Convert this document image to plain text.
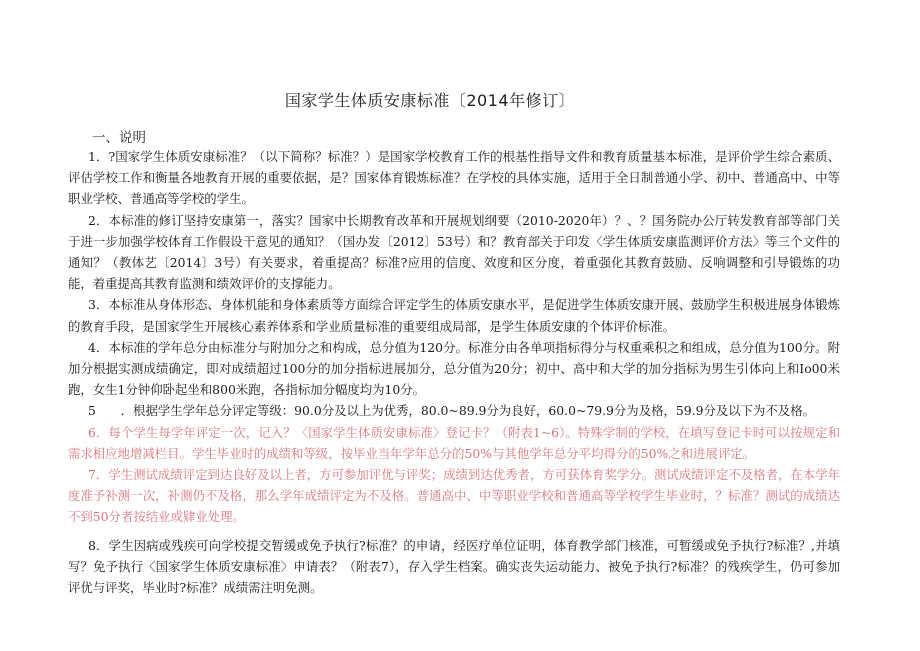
国家学生体质安康标准〔2014年修订〕
一、说明

1．?国家学生体质安康标准？（以下简称？标准？）是国家学校教育工作的根基性指导文件和教育质量基本标准，是评价学生综合素质、评估学校工作和衡量各地教育开展的重要依据，是？国家体育锻炼标准？在学校的具体实施，适用于全日制普通小学、初中、普通高中、中等职业学校、普通高等学校的学生。

2．本标准的修订坚持安康第一，落实？国家中长期教育改革和开展规划纲要（2010-2020年）？、？国务院办公厅转发教育部等部门关于进一步加强学校体育工作假设干意见的通知？（国办发〔2012〕53号）和？教育部关于印发〈学生体质安康监测评价方法〉等三个文件的通知？（教体艺〔2014〕3号）有关要求，着重提高？标准?应用的信度、效度和区分度，着重强化其教育鼓励、反响调整和引导锻炼的功能，着重提高其教育监测和绩效评价的支撑能力。

3．本标准从身体形态、身体机能和身体素质等方面综合评定学生的体质安康水平，是促进学生体质安康开展、鼓励学生积极进展身体锻炼的教育手段，是国家学生开展核心素养体系和学业质量标准的重要组成局部，是学生体质安康的个体评价标准。

4．本标准的学年总分由标准分与附加分之和构成，总分值为120分。标准分由各单项指标得分与权重乘积之和组成，总分值为100分。附加分根据实测成绩确定，即对成绩超过100分的加分指标进展加分，总分值为20分；初中、高中和大学的加分指标为男生引体向上和Io00米跑，女生1分钟仰卧起坐和800米跑，各指标加分幅度均为10分。

5　　．根据学生学年总分评定等级：90.0分及以上为优秀，80.0~89.9分为良好，60.0~79.9分为及格，59.9分及以下为不及格。

6．每个学生每学年评定一次，记入？〈国家学生体质安康标准〉登记卡？（附表1~6）。特殊学制的学校，在填写登记卡时可以按规定和需求相应地增减栏目。学生毕业时的成绩和等级，按毕业当年学年总分的50%与其他学年总分平均得分的50%之和进展评定。

7．学生测试成绩评定到达良好及以上者，方可参加评优与评奖；成绩到达优秀者，方可获体育奖学分。测试成绩评定不及格者，在本学年度准予补测一次，补测仍不及格，那么学年成绩评定为不及格。普通高中、中等职业学校和普通高等学校学生毕业时，？标准？测试的成绩达不到50分者按结业或肄业处理。

8．学生因病或残疾可向学校提交暂缓或免予执行?标准？的申请，经医疗单位证明，体育教学部门核准，可暂缓或免予执行?标准？,并填写？免予执行〈国家学生体质安康标准〉申请表？（附表7），存入学生档案。确实丧失运动能力、被免予执行?标准？的残疾学生，仍可参加评优与评奖，毕业时?标准？成绩需注明免测。
